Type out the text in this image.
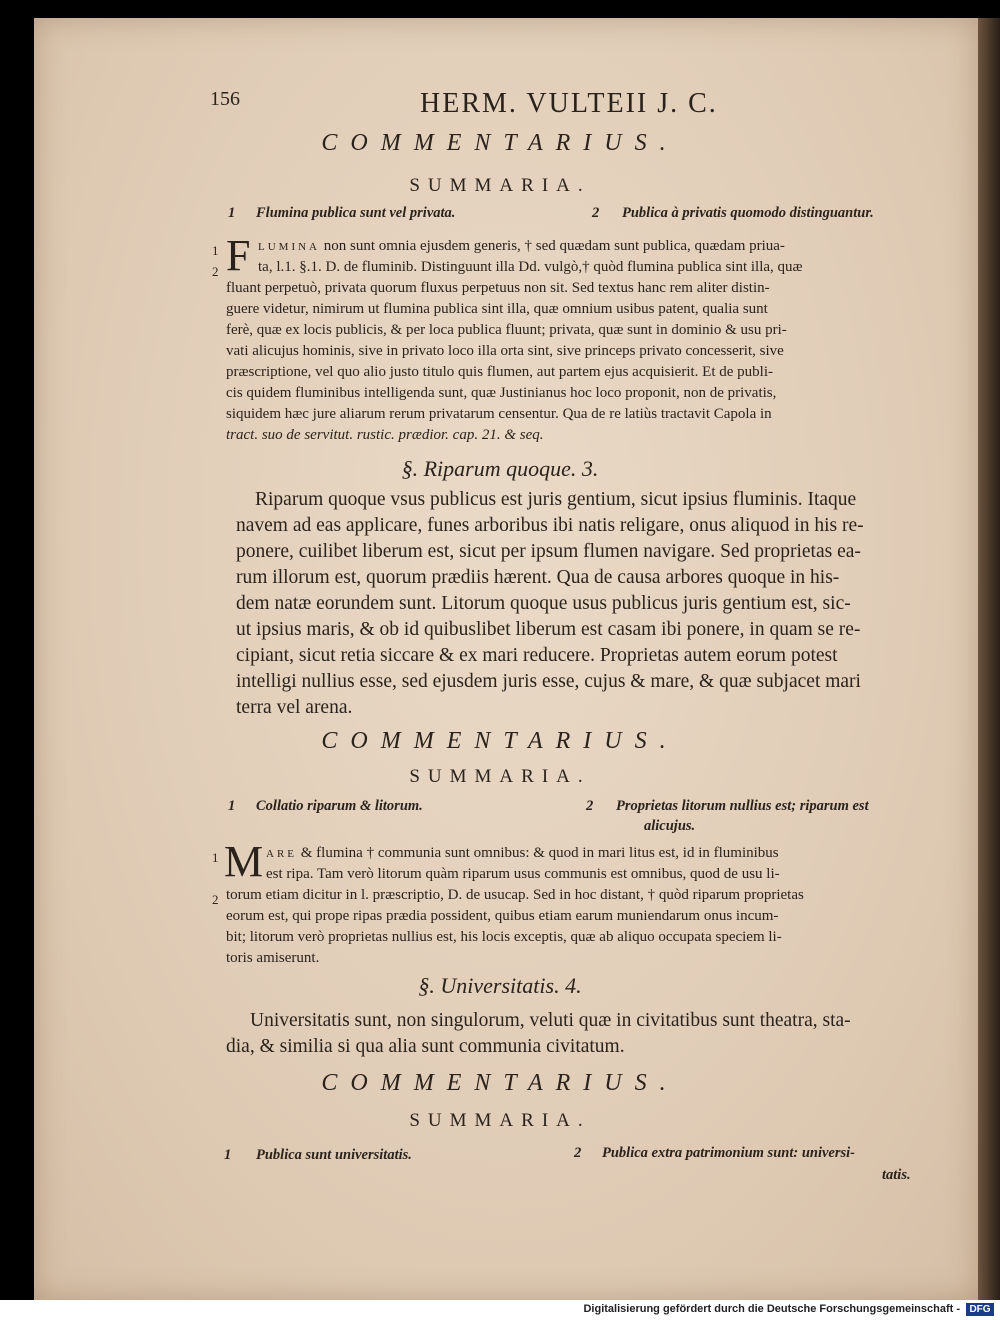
156	HERM. VULTEII J. C.
COMMENTARIUS.
SUMMARIA.
1 Flumina publica sunt vel privata.	2 Publica à privatis quomodo distinguantur.
1
2 F LUMINA non sunt omnia ejusdem generis, † sed quædam sunt publica, quædam priua-
ta, l.1. §.1. D. de fluminib. Distinguunt illa Dd. vulgò,† quòd flumina publica sint illa, quæ
fluant perpetuò, privata quorum fluxus perpetuus non sit. Sed textus hanc rem aliter distin-
guere videtur, nimirum ut flumina publica sint illa, quæ omnium usibus patent, qualia sunt
ferè, quæ ex locis publicis, & per loca publica fluunt; privata, quæ sunt in dominio & usu pri-
vati alicujus hominis, sive in privato loco illa orta sint, sive princeps privato concesserit, sive
præscriptione, vel quo alio justo titulo quis flumen, aut partem ejus acquisierit. Et de publi-
cis quidem fluminibus intelligenda sunt, quæ Justinianus hoc loco proponit, non de privatis,
siquidem hæc jure aliarum rerum privatarum censentur. Qua de re latiùs tractavit Capola in
tract. suo de servitut. rustic. prædior. cap. 21. & seq.
§. Riparum quoque. 3.
Riparum quoque vsus publicus est juris gentium, sicut ipsius fluminis. Itaque
navem ad eas applicare, funes arboribus ibi natis religare, onus aliquod in his re-
ponere, cuilibet liberum est, sicut per ipsum flumen navigare. Sed proprietas ea-
rum illorum est, quorum prædiis hærent. Qua de causa arbores quoque in his-
dem natæ eorundem sunt. Litorum quoque usus publicus juris gentium est, sic-
ut ipsius maris, & ob id quibuslibet liberum est casam ibi ponere, in quam se re-
cipiant, sicut retia siccare & ex mari reducere. Proprietas autem eorum potest
intelligi nullius esse, sed ejusdem juris esse, cujus & mare, & quæ subjacet mari
terra vel arena.
COMMENTARIUS.
SUMMARIA.
1 Collatio riparum & litorum.	2 Proprietas litorum nullius est; riparum est
alicujus.
1
2
M ARE & flumina † communia sunt omnibus: & quod in mari litus est, id in fluminibus
est ripa. Tam verò litorum quàm riparum usus communis est omnibus, quod de usu li-
torum etiam dicitur in l. præscriptio, D. de usucap. Sed in hoc distant, † quòd riparum proprietas
eorum est, qui prope ripas prædia possident, quibus etiam earum muniendarum onus incum-
bit; litorum verò proprietas nullius est, his locis exceptis, quæ ab aliquo occupata speciem li-
toris amiserunt.
§. Universitatis. 4.
Universitatis sunt, non singulorum, veluti quæ in civitatibus sunt theatra, sta-
dia, & similia si qua alia sunt communia civitatum.
COMMENTARIUS.
SUMMARIA.
1 Publica sunt universitatis.	2 Publica extra patrimonium sunt: universi-
tatis.
Digitalisierung gefördert durch die Deutsche Forschungsgemeinschaft - DFG
